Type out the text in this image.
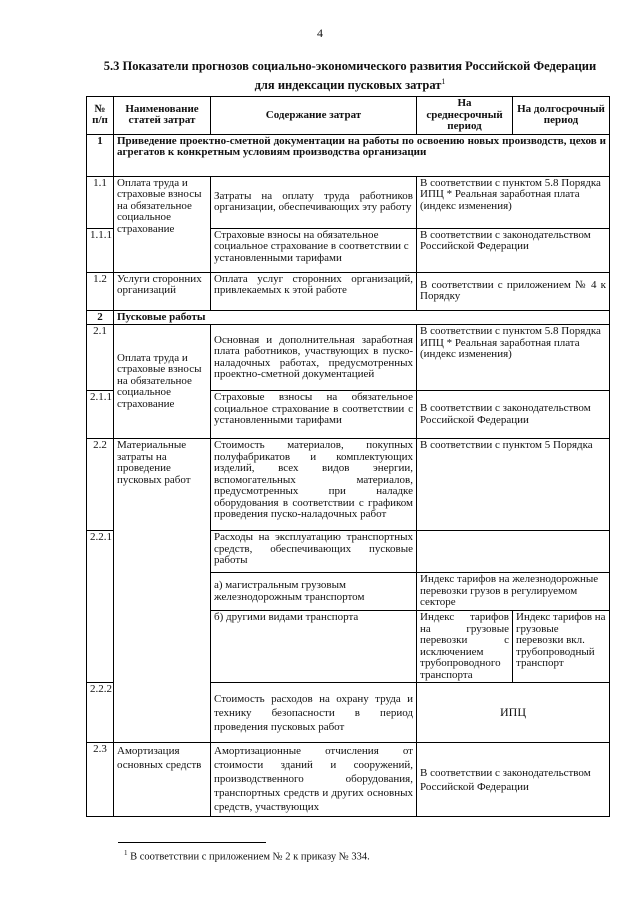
4
5.3 Показатели прогнозов социально-экономического развития Российской Федерации
для индексации пусковых затрат$^1$
№ п/п	Наименование статей затрат	Содержание затрат	На среднесрочный период	На долгосрочный период
1	Приведение проектно-сметной документации на работы по освоению новых производств, цехов и агрегатов к конкретным условиям производства организации			
1.1	Оплата труда и страховые взносы на обязательное социальное страхование	Затраты на оплату труда работников организации, обеспечивающих эту работу	В соответствии с пунктом 5.8 Порядка ИПЦ * Реальная заработная плата (индекс изменения)	
1.1.1		Страховые взносы на обязательное социальное страхование в соответствии с установленными тарифами	В соответствии с законодательством Российской Федерации	
1.2	Услуги сторонних организаций	Оплата услуг сторонних организаций, привлекаемых к этой работе	В соответствии с приложением № 4 к Порядку	
2	Пусковые работы			
2.1	Оплата труда и страховые взносы на обязательное социальное страхование	Основная и дополнительная заработная плата работников, участвующих в пуско-наладочных работах, предусмотренных проектно-сметной документацией	В соответствии с пунктом 5.8 Порядка ИПЦ * Реальная заработная плата (индекс изменения)	
2.1.1		Страховые взносы на обязательное социальное страхование в соответствии с установленными тарифами	В соответствии с законодательством Российской Федерации	
2.2	Материальные затраты на проведение пусковых работ	Стоимость материалов, покупных полуфабрикатов и комплектующих изделий, всех видов энергии, вспомогательных материалов, предусмотренных при наладке оборудования в соответствии с графиком проведения пуско-наладочных работ	В соответствии с пунктом 5 Порядка	
2.2.1		Расходы на эксплуатацию транспортных средств, обеспечивающих пусковые работы		
		а) магистральным грузовым железнодорожным транспортом	Индекс тарифов на железнодорожные перевозки грузов в регулируемом секторе	
		б) другими видами транспорта	Индекс тарифов на грузовые перевозки с исключением трубопроводного транспорта	Индекс тарифов на грузовые перевозки вкл. трубопроводный транспорт
2.2.2		Стоимость расходов на охрану труда и технику безопасности в период проведения пусковых работ	ИПЦ	
2.3	Амортизация основных средств	Амортизационные отчисления от стоимости зданий и сооружений, производственного оборудования, транспортных средств и других основных средств, участвующих	В соответствии с законодательством Российской Федерации	
$^1$ В соответствии с приложением № 2 к приказу № 334.
